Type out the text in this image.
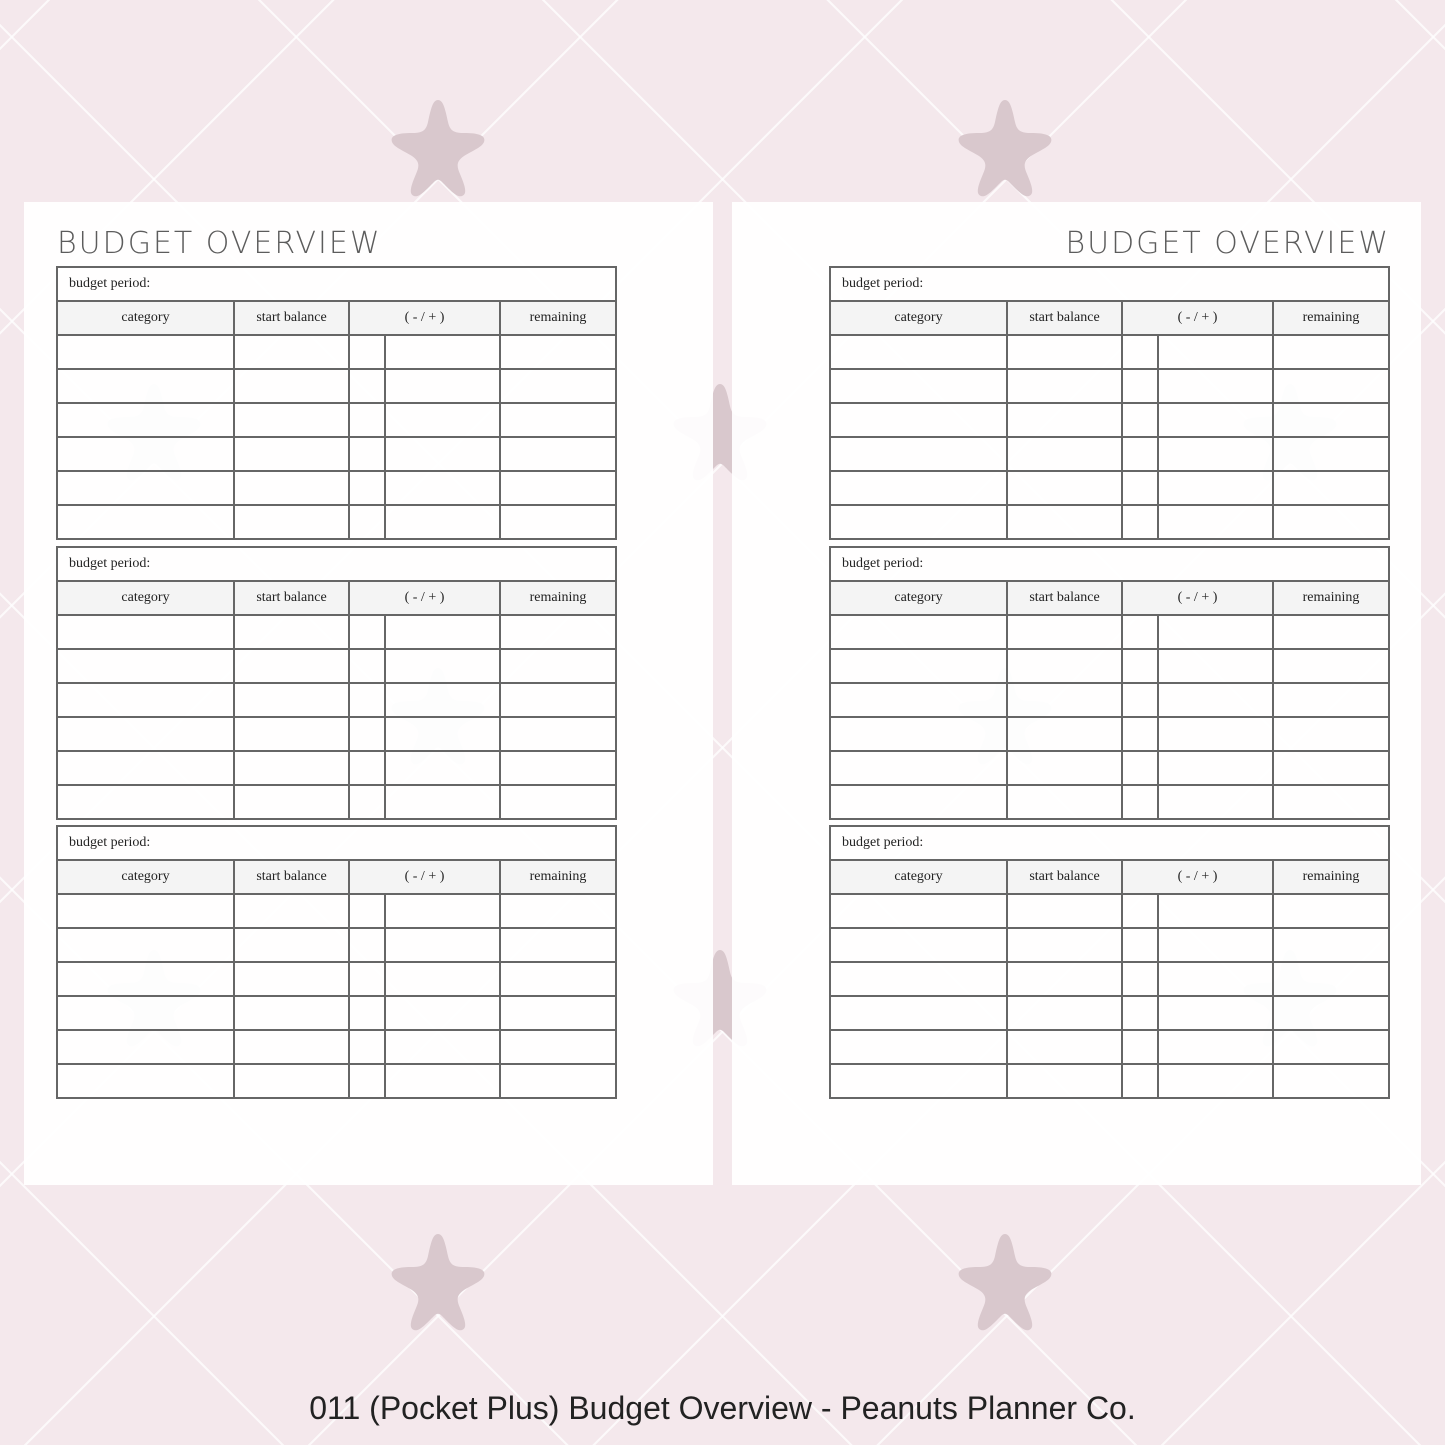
BUDGET OVERVIEW
budget period:				
category	start balance	( - / + )		remaining

budget period:				
category	start balance	( - / + )		remaining

budget period:				
category	start balance	( - / + )		remaining

BUDGET OVERVIEW
budget period:				
category	start balance	( - / + )		remaining

budget period:				
category	start balance	( - / + )		remaining

budget period:				
category	start balance	( - / + )		remaining

011 (Pocket Plus) Budget Overview - Peanuts Planner Co.
